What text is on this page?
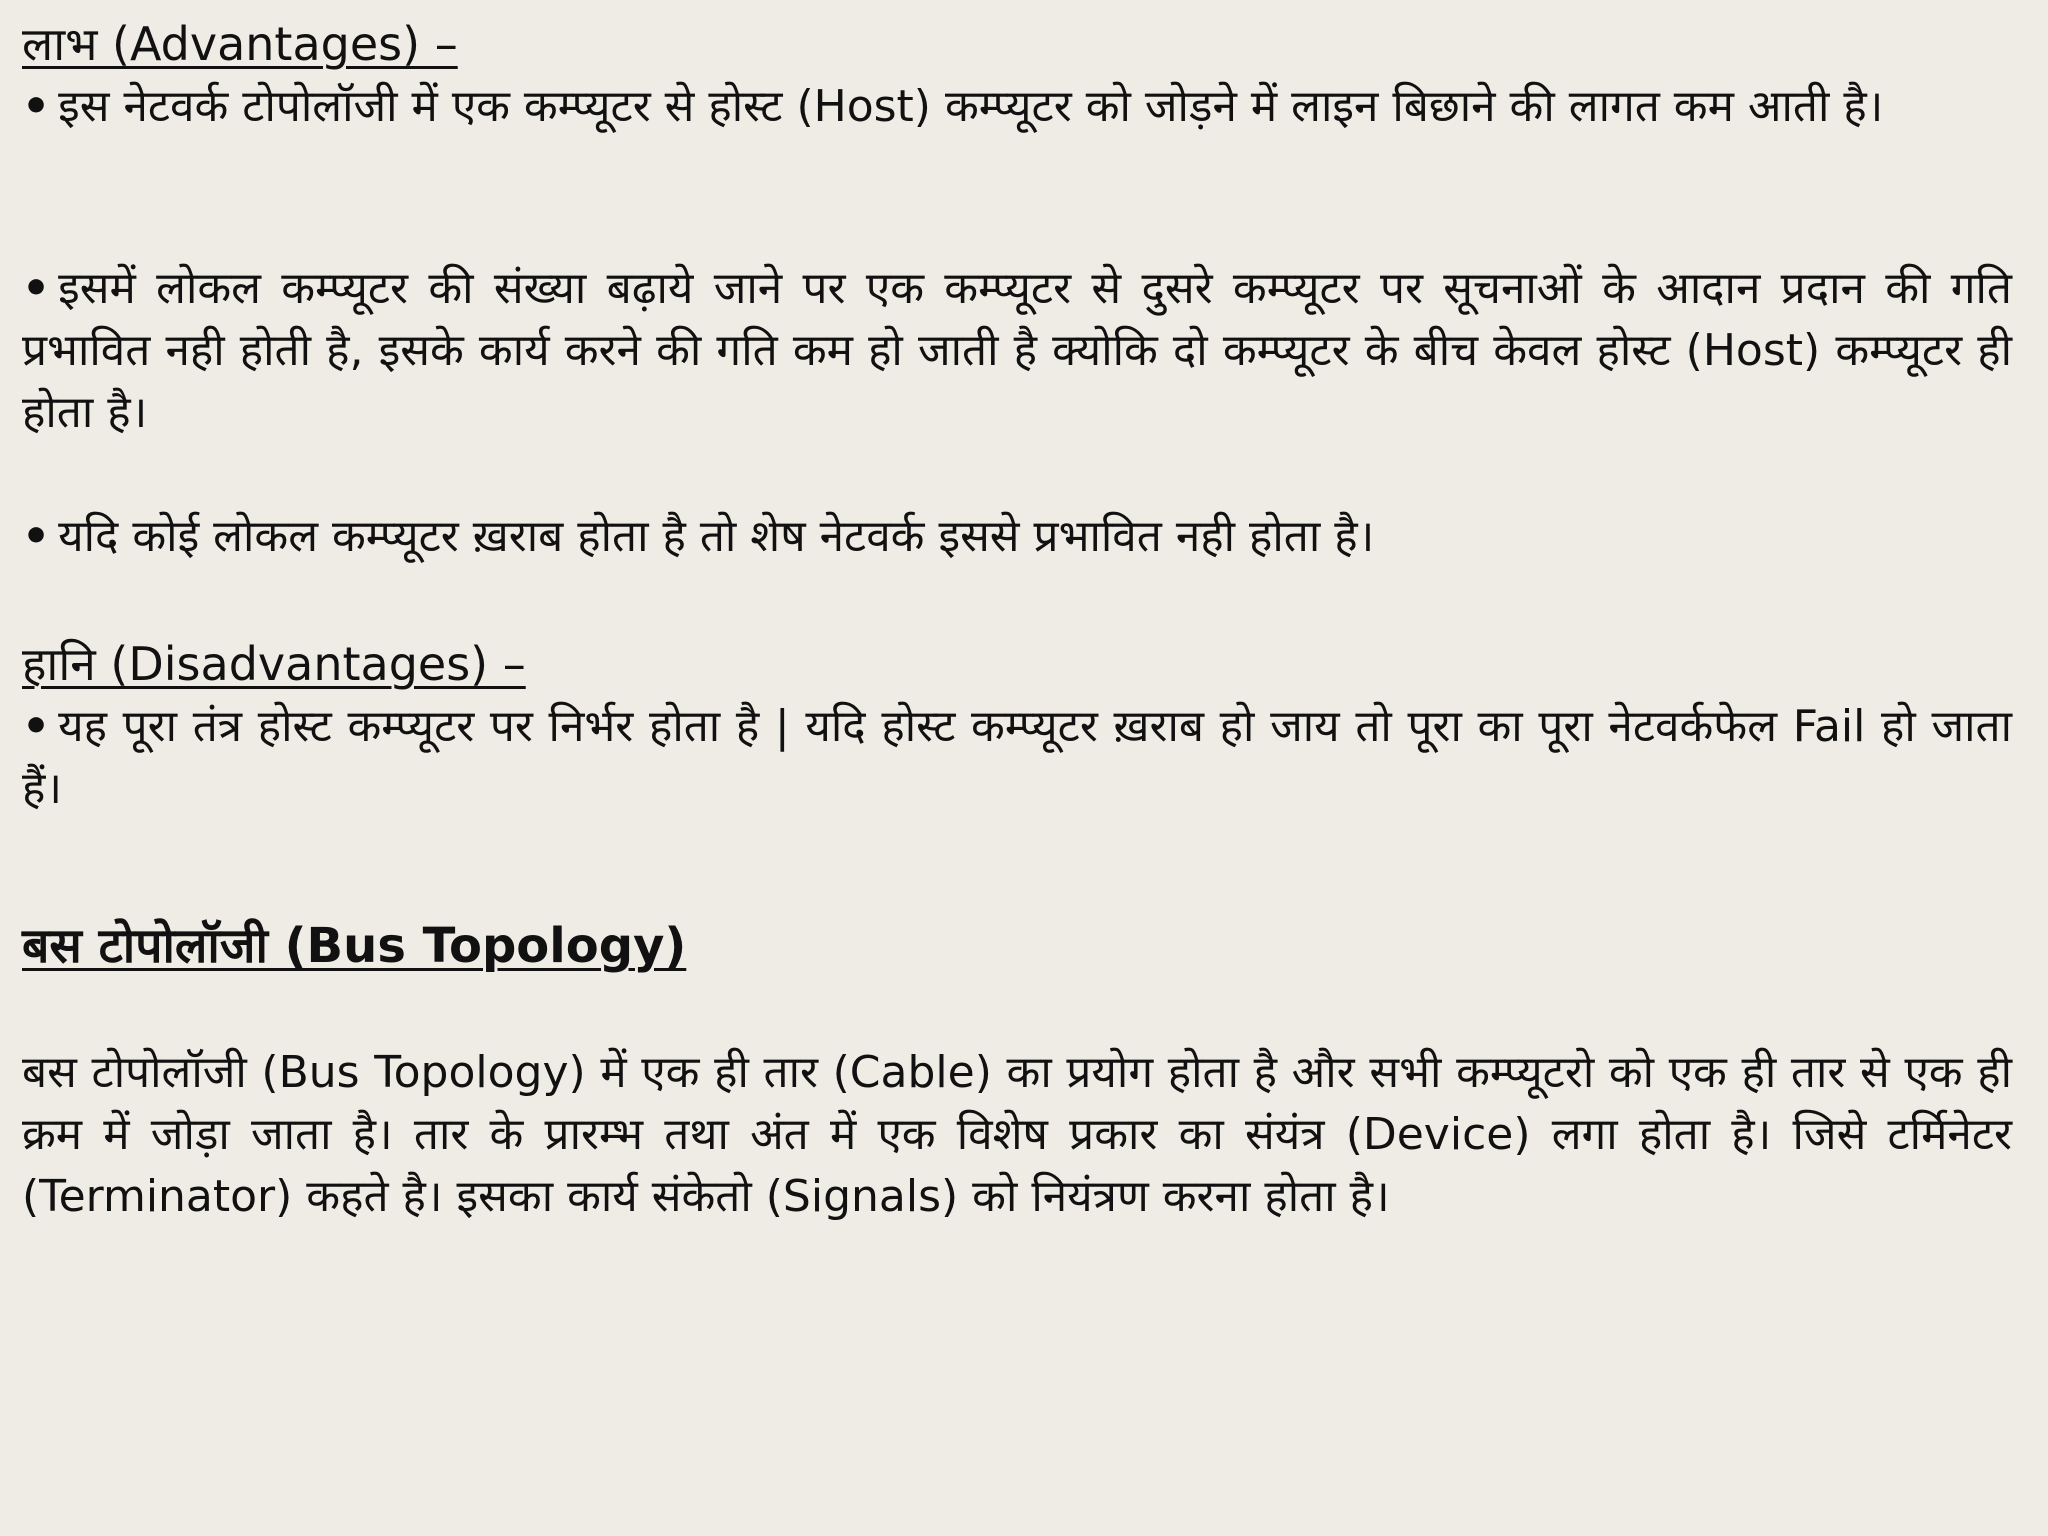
लाभ (Advantages) –

• इस नेटवर्क टोपोलॉजी में एक कम्प्यूटर से होस्ट (Host) कम्प्यूटर को जोड़ने में लाइन बिछाने की लागत कम आती है।

• इसमें लोकल कम्प्यूटर की संख्या बढ़ाये जाने पर एक कम्प्यूटर से दुसरे कम्प्यूटर पर सूचनाओं के आदान प्रदान की गति प्रभावित नही होती है, इसके कार्य करने की गति कम हो जाती है क्योकि दो कम्प्यूटर के बीच केवल होस्ट (Host) कम्प्यूटर ही होता है।

• यदि कोई लोकल कम्प्यूटर ख़राब होता है तो शेष नेटवर्क इससे प्रभावित नही होता है।

हानि (Disadvantages) –

• यह पूरा तंत्र होस्ट कम्प्यूटर पर निर्भर होता है | यदि होस्ट कम्प्यूटर ख़राब हो जाय तो पूरा का पूरा नेटवर्कफेल Fail हो जाता हैं।

बस टोपोलॉजी (Bus Topology)

बस टोपोलॉजी (Bus Topology) में एक ही तार (Cable) का प्रयोग होता है और सभी कम्प्यूटरो को एक ही तार से एक ही क्रम में जोड़ा जाता है। तार के प्रारम्भ तथा अंत में एक विशेष प्रकार का संयंत्र (Device) लगा होता है। जिसे टर्मिनेटर (Terminator) कहते है। इसका कार्य संकेतो (Signals) को नियंत्रण करना होता है।
